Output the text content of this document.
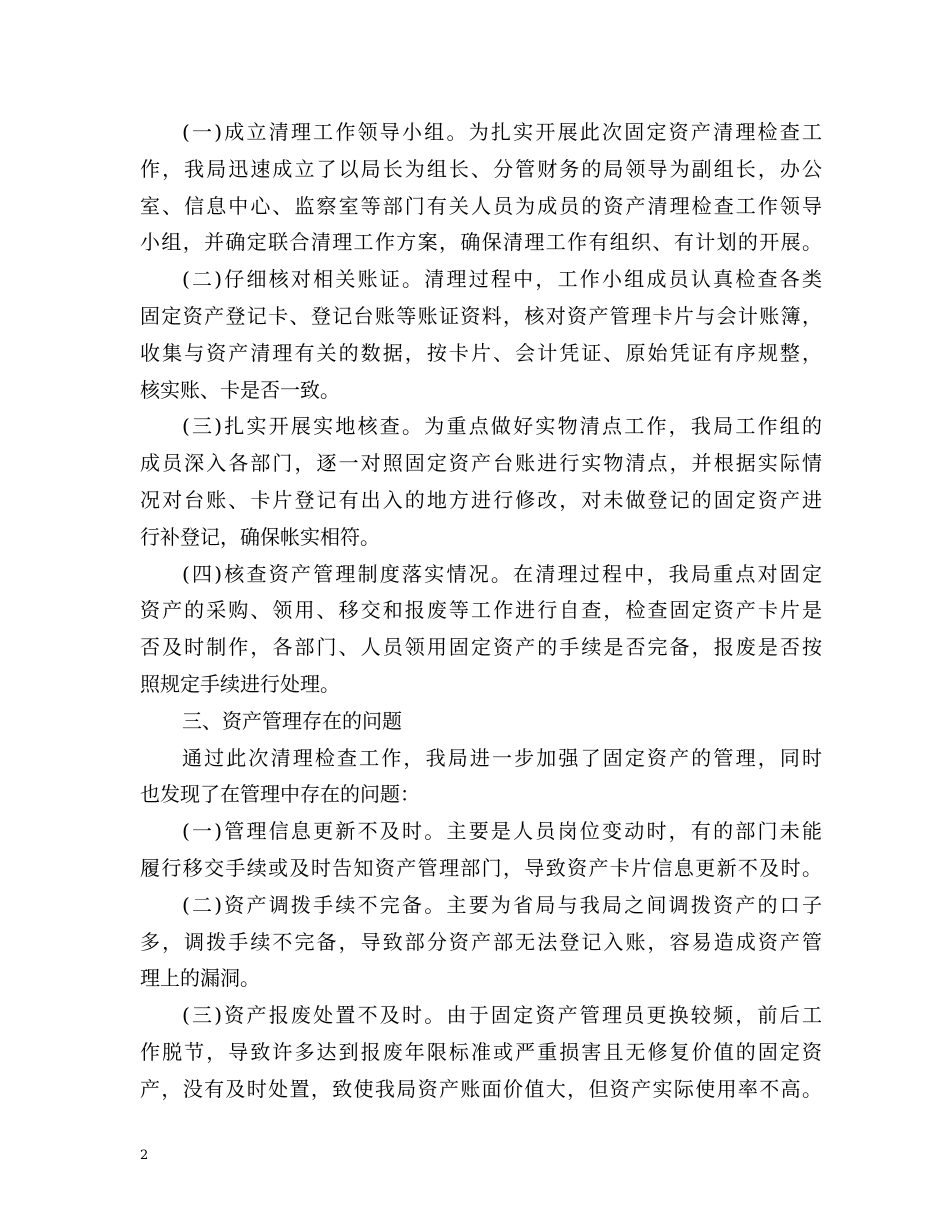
(一)成立清理工作领导小组。为扎实开展此次固定资产清理检查工
作，我局迅速成立了以局长为组长、分管财务的局领导为副组长，办公
室、信息中心、监察室等部门有关人员为成员的资产清理检查工作领导
小组，并确定联合清理工作方案，确保清理工作有组织、有计划的开展。
(二)仔细核对相关账证。清理过程中，工作小组成员认真检查各类
固定资产登记卡、登记台账等账证资料，核对资产管理卡片与会计账簿，
收集与资产清理有关的数据，按卡片、会计凭证、原始凭证有序规整，
核实账、卡是否一致。
(三)扎实开展实地核查。为重点做好实物清点工作，我局工作组的
成员深入各部门，逐一对照固定资产台账进行实物清点，并根据实际情
况对台账、卡片登记有出入的地方进行修改，对未做登记的固定资产进
行补登记，确保帐实相符。
(四)核查资产管理制度落实情况。在清理过程中，我局重点对固定
资产的采购、领用、移交和报废等工作进行自查，检查固定资产卡片是
否及时制作，各部门、人员领用固定资产的手续是否完备，报废是否按
照规定手续进行处理。
三、资产管理存在的问题
通过此次清理检查工作，我局进一步加强了固定资产的管理，同时
也发现了在管理中存在的问题：
(一)管理信息更新不及时。主要是人员岗位变动时，有的部门未能
履行移交手续或及时告知资产管理部门，导致资产卡片信息更新不及时。
(二)资产调拨手续不完备。主要为省局与我局之间调拨资产的口子
多，调拨手续不完备，导致部分资产部无法登记入账，容易造成资产管
理上的漏洞。
(三)资产报废处置不及时。由于固定资产管理员更换较频，前后工
作脱节，导致许多达到报废年限标准或严重损害且无修复价值的固定资
产，没有及时处置，致使我局资产账面价值大，但资产实际使用率不高。
2
